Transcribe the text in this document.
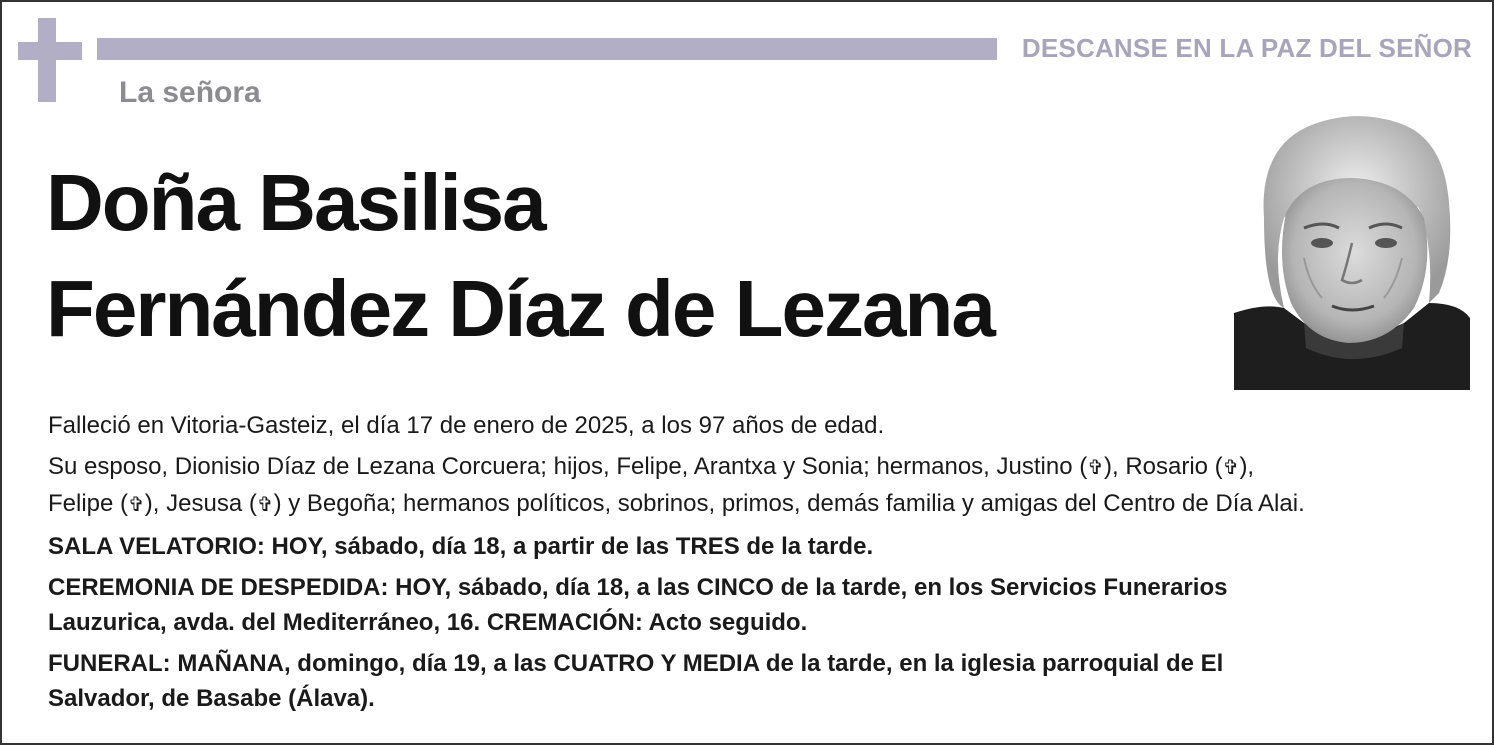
DESCANSE EN LA PAZ DEL SEÑOR
La señora
Doña Basilisa
Fernández Díaz de Lezana

Falleció en Vitoria-Gasteiz, el día 17 de enero de 2025, a los 97 años de edad.

Su esposo, Dionisio Díaz de Lezana Corcuera; hijos, Felipe, Arantxa y Sonia; hermanos, Justino (✞), Rosario (✞),
Felipe (✞), Jesusa (✞) y Begoña; hermanos políticos, sobrinos, primos, demás familia y amigas del Centro de Día Alai.

SALA VELATORIO: HOY, sábado, día 18, a partir de las TRES de la tarde.

CEREMONIA DE DESPEDIDA: HOY, sábado, día 18, a las CINCO de la tarde, en los Servicios Funerarios
Lauzurica, avda. del Mediterráneo, 16. CREMACIÓN: Acto seguido.

FUNERAL: MAÑANA, domingo, día 19, a las CUATRO Y MEDIA de la tarde, en la iglesia parroquial de El
Salvador, de Basabe (Álava).
